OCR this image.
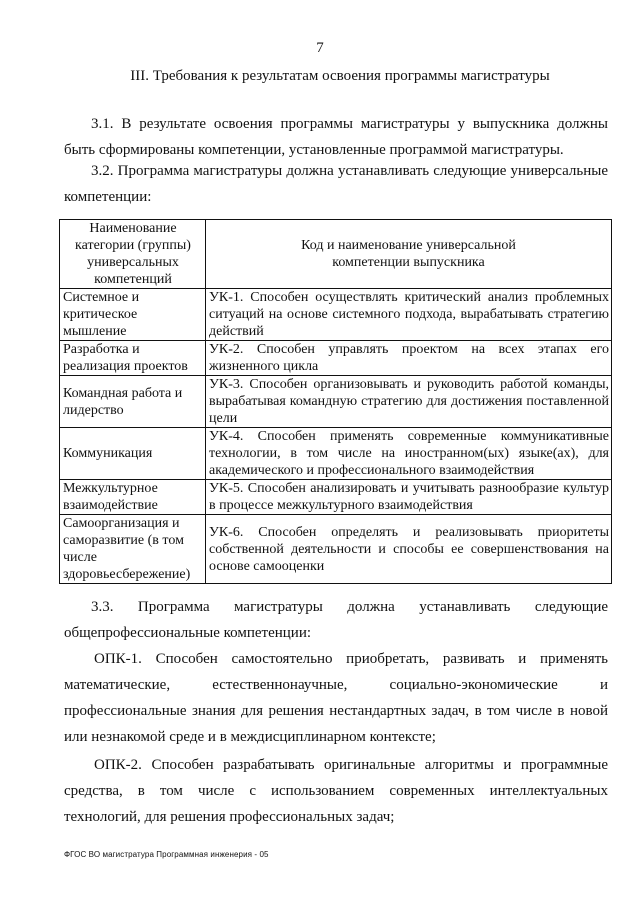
7
III. Требования к результатам освоения программы магистратуры
3.1. В результате освоения программы магистратуры у выпускника должны быть сформированы компетенции, установленные программой магистратуры.
3.2. Программа магистратуры должна устанавливать следующие универсальные компетенции:
Наименование категории (группы) универсальных компетенций	Код и наименование универсальной компетенции выпускника
Системное и критическое мышление	УК-1. Способен осуществлять критический анализ проблемных ситуаций на основе системного подхода, вырабатывать стратегию действий
Разработка и реализация проектов	УК-2. Способен управлять проектом на всех этапах его жизненного цикла
Командная работа и лидерство	УК-3. Способен организовывать и руководить работой команды, вырабатывая командную стратегию для достижения поставленной цели
Коммуникация	УК-4. Способен применять современные коммуникативные технологии, в том числе на иностранном(ых) языке(ах), для академического и профессионального взаимодействия
Межкультурное взаимодействие	УК-5. Способен анализировать и учитывать разнообразие культур в процессе межкультурного взаимодействия
Самоорганизация и саморазвитие (в том числе здоровьесбережение)	УК-6. Способен определять и реализовывать приоритеты собственной деятельности и способы ее совершенствования на основе самооценки
3.3. Программа магистратуры должна устанавливать следующие общепрофессиональные компетенции:
ОПК-1. Способен самостоятельно приобретать, развивать и применять математические, естественнонаучные, социально-экономические и профессиональные знания для решения нестандартных задач, в том числе в новой или незнакомой среде и в междисциплинарном контексте;
ОПК-2. Способен разрабатывать оригинальные алгоритмы и программные средства, в том числе с использованием современных интеллектуальных технологий, для решения профессиональных задач;
ФГОС ВО магистратура Программная инженерия - 05
